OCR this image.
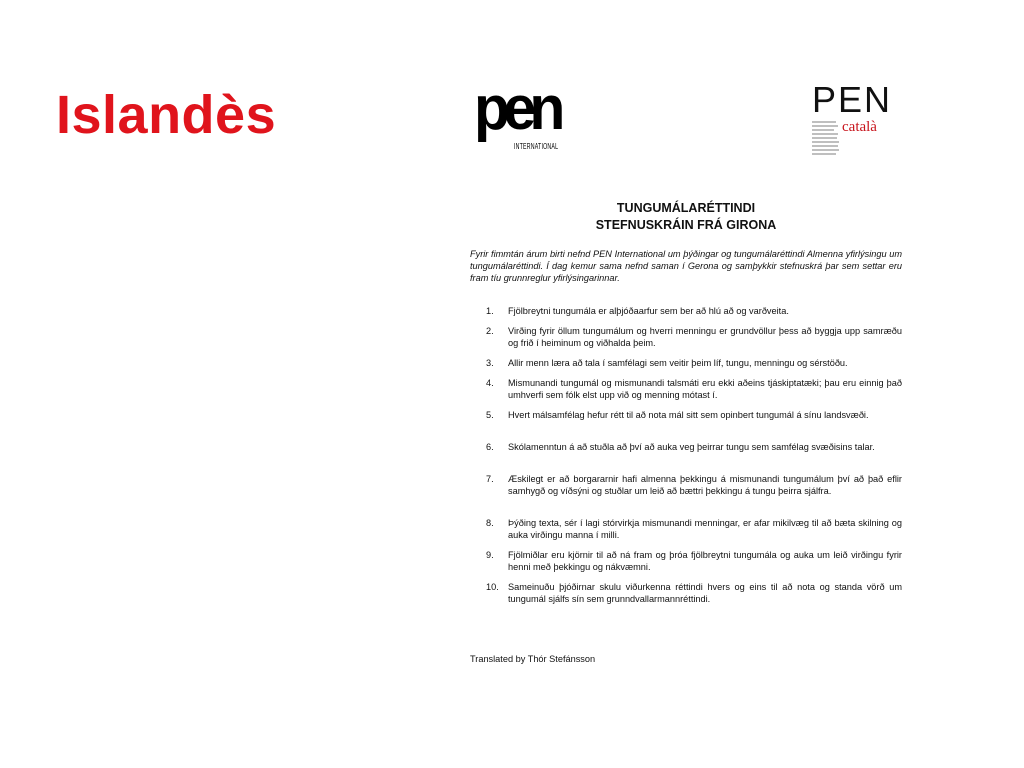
Islandès	pen
INTERNATIONAL
PEN
català
TUNGUMÁLARÉTTINDI
STEFNUSKRÁIN FRÁ GIRONA
Fyrir fimmtán árum birti nefnd PEN International um þýðingar og tungumálaréttindi Almenna yfirlýsingu um tungumálaréttindi. Í dag kemur sama nefnd saman í Gerona og samþykkir stefnuskrá þar sem settar eru fram tíu grunnreglur yfirlýsingarinnar.
1. Fjölbreytni tungumála er alþjóðaarfur sem ber að hlú að og varðveita.
2. Virðing fyrir öllum tungumálum og hverri menningu er grundvöllur þess að byggja upp samræðu og frið í heiminum og viðhalda þeim.
3. Allir menn læra að tala í samfélagi sem veitir þeim líf, tungu, menningu og sérstöðu.
4. Mismunandi tungumál og mismunandi talsmáti eru ekki aðeins tjáskiptatæki; þau eru einnig það umhverfi sem fólk elst upp við og menning mótast í.
5. Hvert málsamfélag hefur rétt til að nota mál sitt sem opinbert tungumál á sínu landsvæði.
6. Skólamenntun á að stuðla að því að auka veg þeirrar tungu sem samfélag svæðisins talar.
7. Æskilegt er að borgararnir hafi almenna þekkingu á mismunandi tungumálum því að það eflir samhygð og víðsýni og stuðlar um leið að bættri þekkingu á tungu þeirra sjálfra.
8. Þýðing texta, sér í lagi stórvirkja mismunandi menningar, er afar mikilvæg til að bæta skilning og auka virðingu manna í milli.
9. Fjölmiðlar eru kjörnir til að ná fram og þróa fjölbreytni tungumála og auka um leið virðingu fyrir henni með þekkingu og nákvæmni.
10. Sameinuðu þjóðirnar skulu viðurkenna réttindi hvers og eins til að nota og standa vörð um tungumál sjálfs sín sem grunndvallarmannréttindi.
Translated by Thór Stefánsson
